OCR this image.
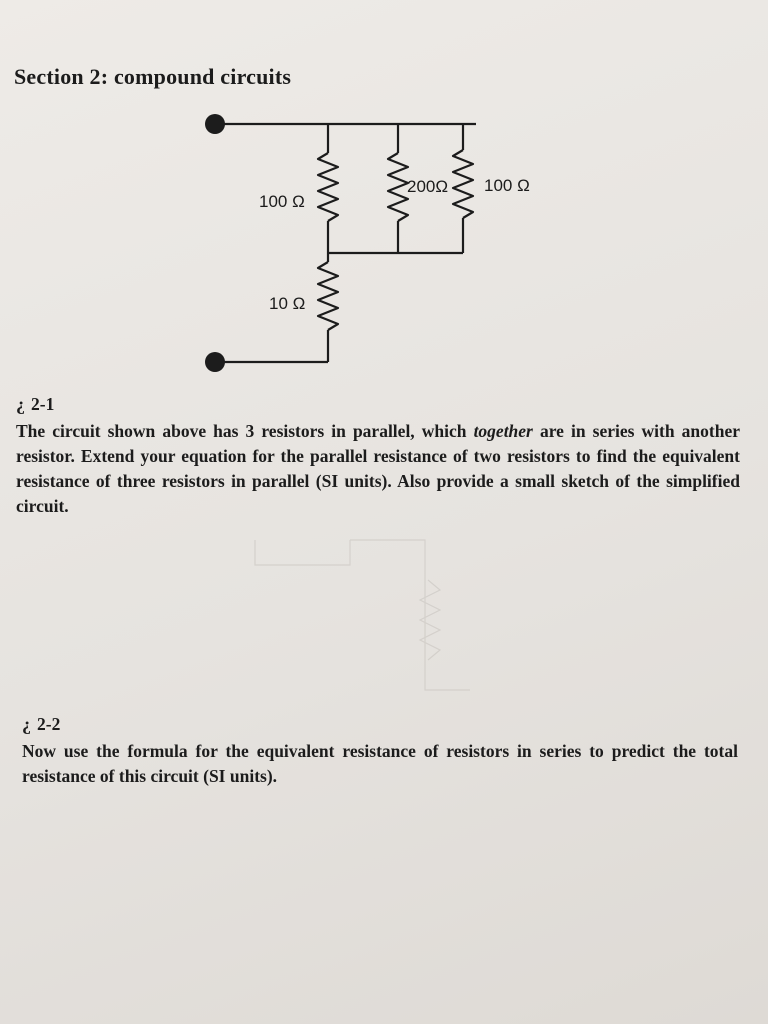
Section 2: compound circuits
100 Ω
200Ω 100 Ω
10 Ω
¿ 2-1
The circuit shown above has 3 resistors in parallel, which together are in series with another resistor. Extend your equation for the parallel resistance of two resistors to find the equivalent resistance of three resistors in parallel (SI units). Also provide a small sketch of the simplified circuit.
¿ 2-2
Now use the formula for the equivalent resistance of resistors in series to predict the total resistance of this circuit (SI units).
